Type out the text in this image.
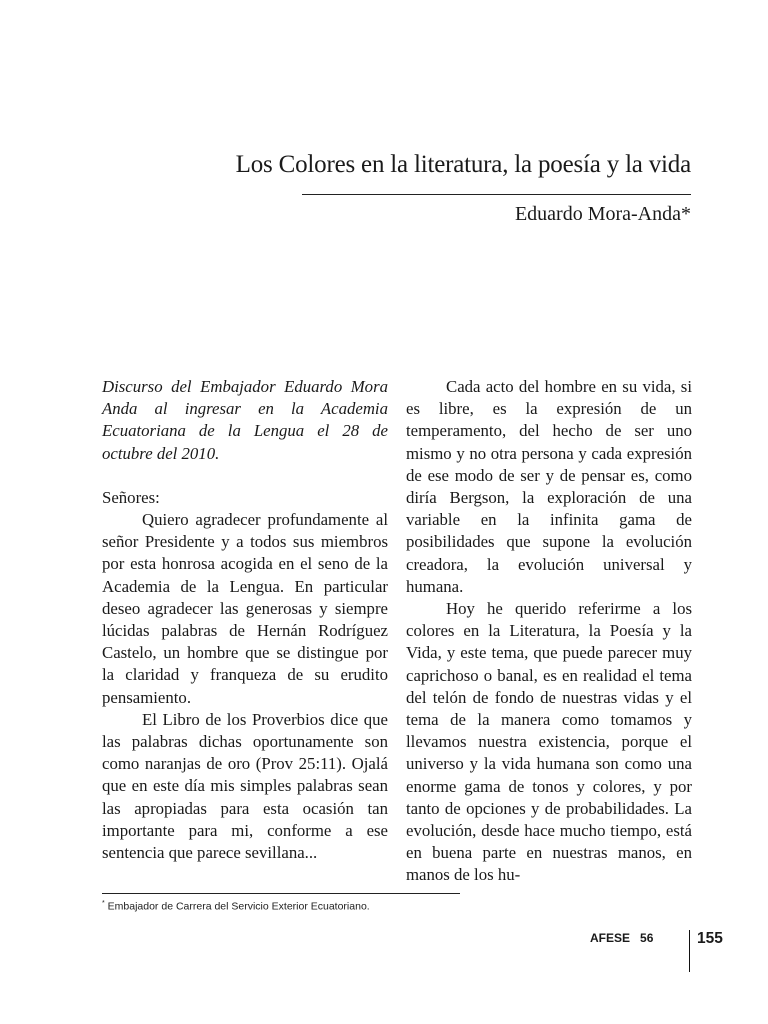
Los Colores en la literatura, la poesía y la vida
Eduardo Mora-Anda*

Discurso del Embajador Eduardo Mora Anda al ingresar en la Academia Ecuatoriana de la Lengua el 28 de octubre del 2010.

Señores:

Quiero agradecer profundamente al señor Presidente y a todos sus miembros por esta honrosa acogida en el seno de la Academia de la Lengua. En particular deseo agradecer las generosas y siempre lúcidas palabras de Hernán Rodríguez Castelo, un hombre que se distingue por la claridad y franqueza de su erudito pensamiento.

El Libro de los Proverbios dice que las palabras dichas oportunamente son como naranjas de oro (Prov 25:11). Ojalá que en este día mis simples palabras sean las apropiadas para esta ocasión tan importante para mi, conforme a ese sentencia que parece sevillana...

Cada acto del hombre en su vida, si es libre, es la expresión de un temperamento, del hecho de ser uno mismo y no otra persona y cada expresión de ese modo de ser y de pensar es, como diría Bergson, la exploración de una variable en la infinita gama de posibilidades que supone la evolución creadora, la evolución universal y humana.

Hoy he querido referirme a los colores en la Literatura, la Poesía y la Vida, y este tema, que puede parecer muy caprichoso o banal, es en realidad el tema del telón de fondo de nuestras vidas y el tema de la manera como tomamos y llevamos nuestra existencia, porque el universo y la vida humana son como una enorme gama de tonos y colores, y por tanto de opciones y de probabilidades. La evolución, desde hace mucho tiempo, está en buena parte en nuestras manos, en manos de los hu-

* Embajador de Carrera del Servicio Exterior Ecuatoriano.
AFESE 56	155
